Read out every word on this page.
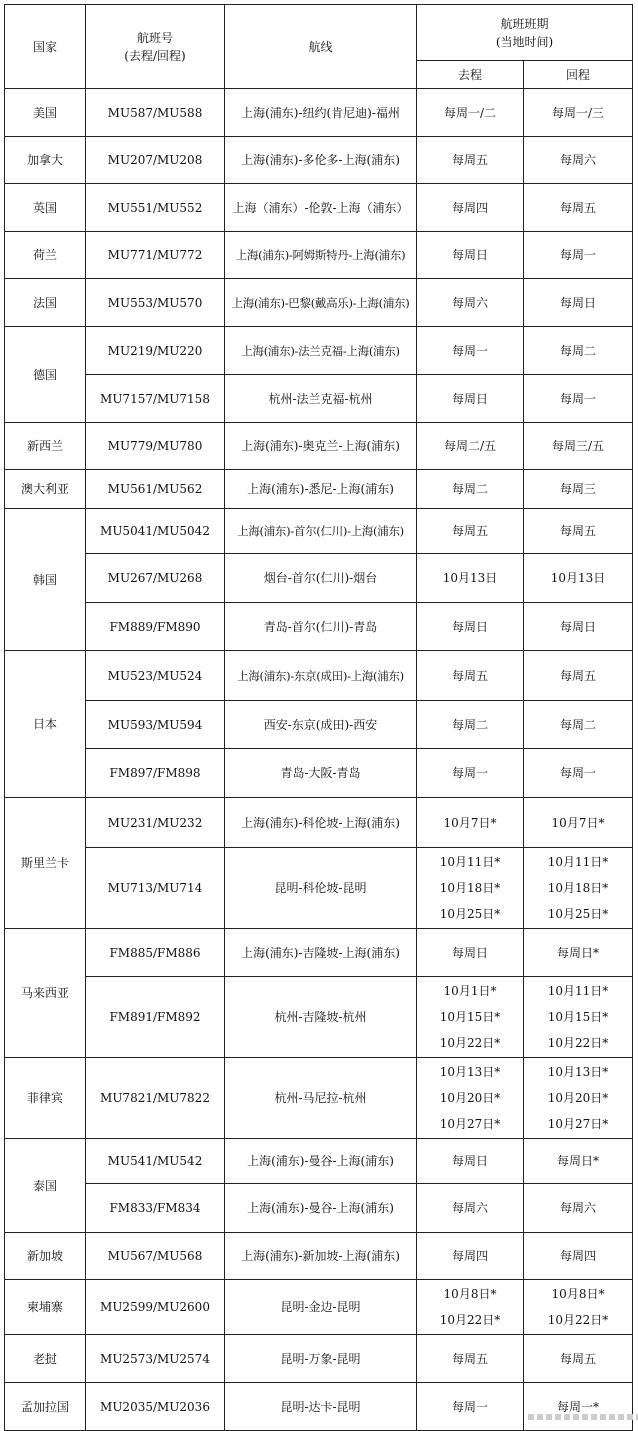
国家	航班号
(去程/回程)	航线	航班班期
(当地时间)	

			去程	回程
美国	MU587/MU588	上海(浦东)-纽约(肯尼迪)-福州	每周一/二	每周一/三

加拿大	MU207/MU208	上海(浦东)-多伦多-上海(浦东)	每周五	每周六

英国	MU551/MU552	上海（浦东）-伦敦-上海（浦东）	每周四	每周五

荷兰	MU771/MU772	上海(浦东)-阿姆斯特丹-上海(浦东)	每周日	每周一

法国	MU553/MU570	上海(浦东)-巴黎(戴高乐)-上海(浦东)	每周六	每周日

德国	MU219/MU220	上海(浦东)-法兰克福-上海(浦东)	每周一	每周二

	MU7157/MU7158	杭州-法兰克福-杭州	每周日	每周一

新西兰	MU779/MU780	上海(浦东)-奥克兰-上海(浦东)	每周二/五	每周三/五

澳大利亚	MU561/MU562	上海(浦东)-悉尼-上海(浦东)	每周二	每周三

韩国	MU5041/MU5042	上海(浦东)-首尔(仁川)-上海(浦东)	每周五	每周五

	MU267/MU268	烟台-首尔(仁川)-烟台	10月13日	10月13日

	FM889/FM890	青岛-首尔(仁川)-青岛	每周日	每周日

日本	MU523/MU524	上海(浦东)-东京(成田)-上海(浦东)	每周五	每周五

	MU593/MU594	西安-东京(成田)-西安	每周二	每周二

	FM897/FM898	青岛-大阪-青岛	每周一	每周一

斯里兰卡	MU231/MU232	上海(浦东)-科伦坡-上海(浦东)	10月7日*	10月7日*

	MU713/MU714	昆明-科伦坡-昆明	10月11日*
10月18日*
10月25日*	10月11日*
10月18日*
10月25日*

马来西亚	FM885/FM886	上海(浦东)-吉隆坡-上海(浦东)	每周日	每周日*

	FM891/FM892	杭州-吉隆坡-杭州	10月1日*
10月15日*
10月22日*	10月11日*
10月15日*
10月22日*

菲律宾	MU7821/MU7822	杭州-马尼拉-杭州	10月13日*
10月20日*
10月27日*	10月13日*
10月20日*
10月27日*

泰国	MU541/MU542	上海(浦东)-曼谷-上海(浦东)	每周日	每周日*

	FM833/FM834	上海(浦东)-曼谷-上海(浦东)	每周六	每周六

新加坡	MU567/MU568	上海(浦东)-新加坡-上海(浦东)	每周四	每周四

柬埔寨	MU2599/MU2600	昆明-金边-昆明	10月8日*
10月22日*	10月8日*
10月22日*

老挝	MU2573/MU2574	昆明-万象-昆明	每周五	每周五

孟加拉国	MU2035/MU2036	昆明-达卡-昆明	每周一	每周一*
